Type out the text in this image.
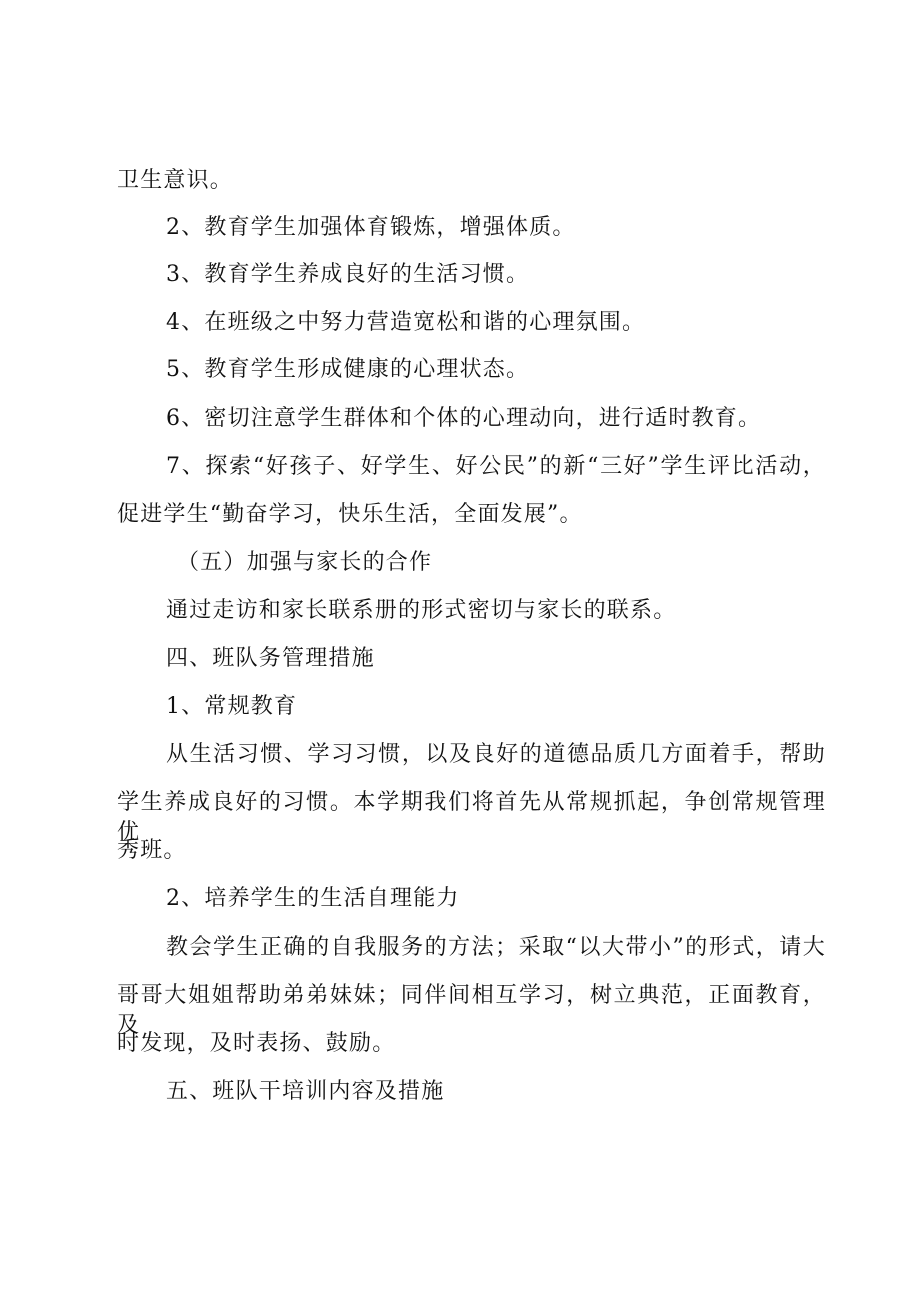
卫生意识。

2、教育学生加强体育锻炼，增强体质。

3、教育学生养成良好的生活习惯。

4、在班级之中努力营造宽松和谐的心理氛围。

5、教育学生形成健康的心理状态。

6、密切注意学生群体和个体的心理动向，进行适时教育。

7、探索“好孩子、好学生、好公民”的新“三好”学生评比活动，

促进学生“勤奋学习，快乐生活，全面发展”。

（五）加强与家长的合作

通过走访和家长联系册的形式密切与家长的联系。

四、班队务管理措施

1、常规教育

从生活习惯、学习习惯，以及良好的道德品质几方面着手，帮助

学生养成良好的习惯。本学期我们将首先从常规抓起，争创常规管理优

秀班。

2、培养学生的生活自理能力

教会学生正确的自我服务的方法；采取“以大带小”的形式，请大

哥哥大姐姐帮助弟弟妹妹；同伴间相互学习，树立典范，正面教育，及

时发现，及时表扬、鼓励。

五、班队干培训内容及措施
